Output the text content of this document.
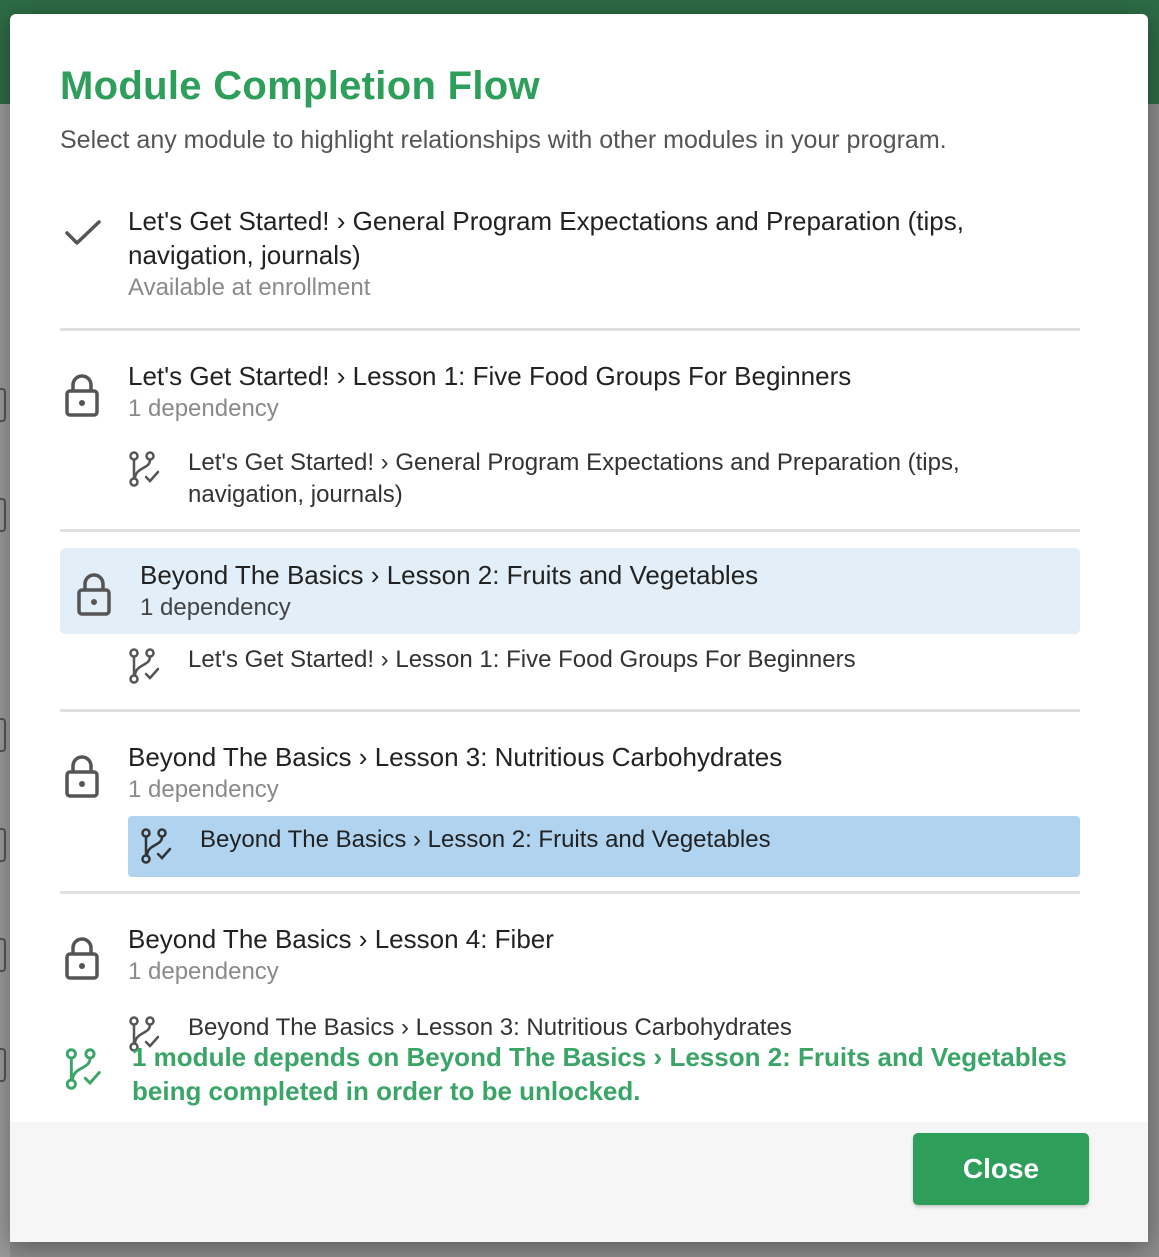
Module Completion Flow

Select any module to highlight relationships with other modules in your program.

Let's Get Started! › General Program Expectations and Preparation (tips, navigation, journals)
Available at enrollment
Let's Get Started! › Lesson 1: Five Food Groups For Beginners
1 dependency
Let's Get Started! › General Program Expectations and Preparation (tips, navigation, journals)
Beyond The Basics › Lesson 2: Fruits and Vegetables
1 dependency
Let's Get Started! › Lesson 1: Five Food Groups For Beginners
Beyond The Basics › Lesson 3: Nutritious Carbohydrates
1 dependency
Beyond The Basics › Lesson 2: Fruits and Vegetables
Beyond The Basics › Lesson 4: Fiber
1 dependency
Beyond The Basics › Lesson 3: Nutritious Carbohydrates
1 module depends on Beyond The Basics › Lesson 2: Fruits and Vegetables being completed in order to be unlocked.
Close
